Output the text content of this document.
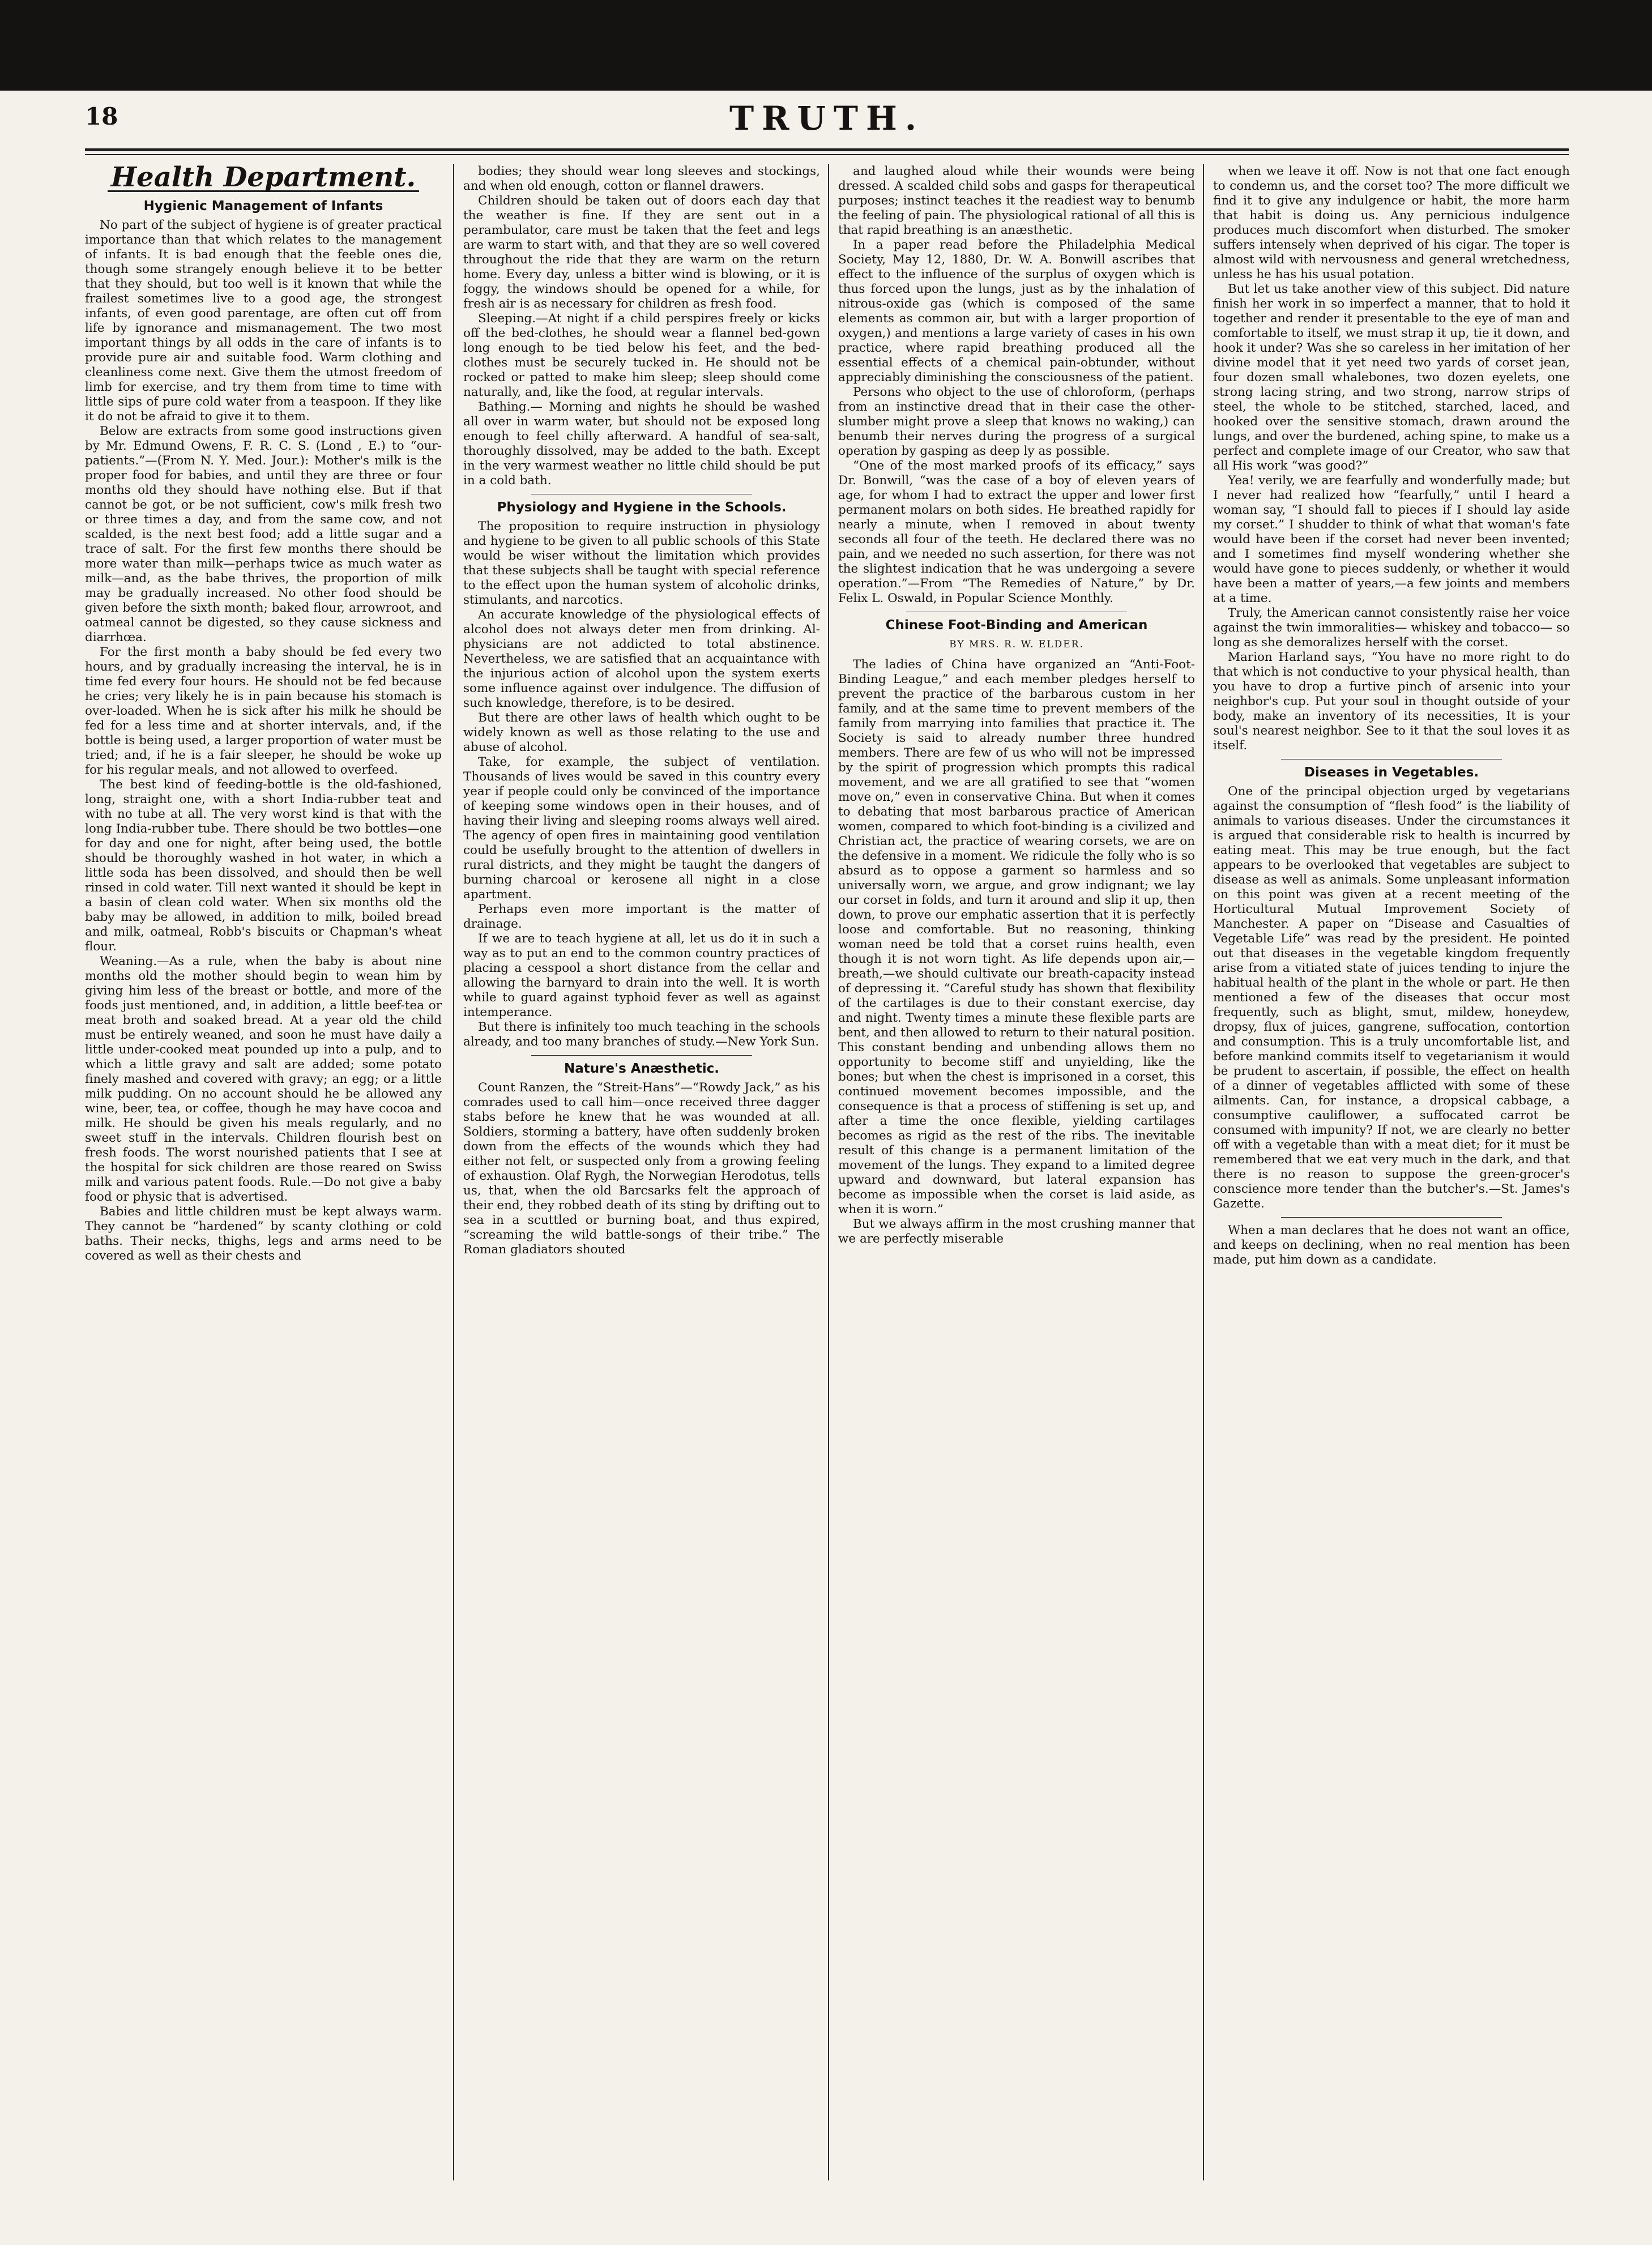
18	TRUTH.
Health Department.
Hygienic Management of Infants

No part of the subject of hygiene is of greater practical importance than that which relates to the management of infants. It is bad enough that the feeble ones die, though some strangely enough believe it to be better that they should, but too well is it known that while the frailest sometimes live to a good age, the strongest infants, of even good parentage, are often cut off from life by ignorance and mismanagement. The two most important things by all odds in the care of infants is to provide pure air and suitable food. Warm clothing and cleanliness come next. Give them the utmost freedom of limb for exercise, and try them from time to time with little sips of pure cold water from a teaspoon. If they like it do not be afraid to give it to them.

Below are extracts from some good instructions given by Mr. Edmund Owens, F. R. C. S. (Lond , E.) to “our-patients.”—(From N. Y. Med. Jour.): Mother's milk is the proper food for babies, and until they are three or four months old they should have nothing else. But if that cannot be got, or be not sufficient, cow's milk fresh two or three times a day, and from the same cow, and not scalded, is the next best food; add a little sugar and a trace of salt. For the first few months there should be more water than milk—perhaps twice as much water as milk—and, as the babe thrives, the proportion of milk may be gradually increased. No other food should be given before the sixth month; baked flour, arrowroot, and oatmeal cannot be digested, so they cause sickness and diarrhœa.

For the first month a baby should be fed every two hours, and by gradually increasing the interval, he is in time fed every four hours. He should not be fed because he cries; very likely he is in pain because his stomach is over-loaded. When he is sick after his milk he should be fed for a less time and at shorter intervals, and, if the bottle is being used, a larger proportion of water must be tried; and, if he is a fair sleeper, he should be woke up for his regular meals, and not allowed to overfeed.

The best kind of feeding-bottle is the old-fashioned, long, straight one, with a short India-rubber teat and with no tube at all. The very worst kind is that with the long India-rubber tube. There should be two bottles—one for day and one for night, after being used, the bottle should be thoroughly washed in hot water, in which a little soda has been dissolved, and should then be well rinsed in cold water. Till next wanted it should be kept in a basin of clean cold water. When six months old the baby may be allowed, in addition to milk, boiled bread and milk, oatmeal, Robb's biscuits or Chapman's wheat flour.

Weaning.—As a rule, when the baby is about nine months old the mother should begin to wean him by giving him less of the breast or bottle, and more of the foods just mentioned, and, in addition, a little beef-tea or meat broth and soaked bread. At a year old the child must be entirely weaned, and soon he must have daily a little under-cooked meat pounded up into a pulp, and to which a little gravy and salt are added; some potato finely mashed and covered with gravy; an egg; or a little milk pudding. On no account should he be allowed any wine, beer, tea, or coffee, though he may have cocoa and milk. He should be given his meals regularly, and no sweet stuff in the intervals. Children flourish best on fresh foods. The worst nourished patients that I see at the hospital for sick children are those reared on Swiss milk and various patent foods. Rule.—Do not give a baby food or physic that is advertised.

Babies and little children must be kept always warm. They cannot be “hardened” by scanty clothing or cold baths. Their necks, thighs, legs and arms need to be covered as well as their chests and

bodies; they should wear long sleeves and stockings, and when old enough, cotton or flannel drawers.

Children should be taken out of doors each day that the weather is fine. If they are sent out in a perambulator, care must be taken that the feet and legs are warm to start with, and that they are so well covered throughout the ride that they are warm on the return home. Every day, unless a bitter wind is blowing, or it is foggy, the windows should be opened for a while, for fresh air is as necessary for children as fresh food.

Sleeping.—At night if a child perspires freely or kicks off the bed-clothes, he should wear a flannel bed-gown long enough to be tied below his feet, and the bed-clothes must be securely tucked in. He should not be rocked or patted to make him sleep; sleep should come naturally, and, like the food, at regular intervals.

Bathing.— Morning and nights he should be washed all over in warm water, but should not be exposed long enough to feel chilly afterward. A handful of sea-salt, thoroughly dissolved, may be added to the bath. Except in the very warmest weather no little child should be put in a cold bath.

Physiology and Hygiene in the Schools.

The proposition to require instruction in physiology and hygiene to be given to all public schools of this State would be wiser without the limitation which provides that these subjects shall be taught with special reference to the effect upon the human system of alcoholic drinks, stimulants, and narcotics.

An accurate knowledge of the physiological effects of alcohol does not always deter men from drinking. Al-physicians are not addicted to total abstinence. Nevertheless, we are satisfied that an acquaintance with the injurious action of alcohol upon the system exerts some influence against over indulgence. The diffusion of such knowledge, therefore, is to be desired.

But there are other laws of health which ought to be widely known as well as those relating to the use and abuse of alcohol.

Take, for example, the subject of ventilation. Thousands of lives would be saved in this country every year if people could only be convinced of the importance of keeping some windows open in their houses, and of having their living and sleeping rooms always well aired. The agency of open fires in maintaining good ventilation could be usefully brought to the attention of dwellers in rural districts, and they might be taught the dangers of burning charcoal or kerosene all night in a close apartment.

Perhaps even more important is the matter of drainage.

If we are to teach hygiene at all, let us do it in such a way as to put an end to the common country practices of placing a cesspool a short distance from the cellar and allowing the barnyard to drain into the well. It is worth while to guard against typhoid fever as well as against intemperance.

But there is infinitely too much teaching in the schools already, and too many branches of study.—New York Sun.

Nature's Anæsthetic.

Count Ranzen, the “Streit-Hans”—“Rowdy Jack,” as his comrades used to call him—once received three dagger stabs before he knew that he was wounded at all. Soldiers, storming a battery, have often suddenly broken down from the effects of the wounds which they had either not felt, or suspected only from a growing feeling of exhaustion. Olaf Rygh, the Norwegian Herodotus, tells us, that, when the old Barcsarks felt the approach of their end, they robbed death of its sting by drifting out to sea in a scuttled or burning boat, and thus expired, “screaming the wild battle-songs of their tribe.” The Roman gladiators shouted

and laughed aloud while their wounds were being dressed. A scalded child sobs and gasps for therapeutical purposes; instinct teaches it the readiest way to benumb the feeling of pain. The physiological rational of all this is that rapid breathing is an anæsthetic.

In a paper read before the Philadelphia Medical Society, May 12, 1880, Dr. W. A. Bonwill ascribes that effect to the influence of the surplus of oxygen which is thus forced upon the lungs, just as by the inhalation of nitrous-oxide gas (which is composed of the same elements as common air, but with a larger proportion of oxygen,) and mentions a large variety of cases in his own practice, where rapid breathing produced all the essential effects of a chemical pain-obtunder, without appreciably diminishing the consciousness of the patient.

Persons who object to the use of chloroform, (perhaps from an instinctive dread that in their case the other-slumber might prove a sleep that knows no waking,) can benumb their nerves during the progress of a surgical operation by gasping as deep ly as possible.

“One of the most marked proofs of its efficacy,” says Dr. Bonwill, “was the case of a boy of eleven years of age, for whom I had to extract the upper and lower first permanent molars on both sides. He breathed rapidly for nearly a minute, when I removed in about twenty seconds all four of the teeth. He declared there was no pain, and we needed no such assertion, for there was not the slightest indication that he was undergoing a severe operation.”—From “The Remedies of Nature,” by Dr. Felix L. Oswald, in Popular Science Monthly.

Chinese Foot-Binding and American
BY MRS. R. W. ELDER.

The ladies of China have organized an “Anti-Foot-Binding League,” and each member pledges herself to prevent the practice of the barbarous custom in her family, and at the same time to prevent members of the family from marrying into families that practice it. The Society is said to already number three hundred members. There are few of us who will not be impressed by the spirit of progression which prompts this radical movement, and we are all gratified to see that “women move on,” even in conservative China. But when it comes to debating that most barbarous practice of American women, compared to which foot-binding is a civilized and Christian act, the practice of wearing corsets, we are on the defensive in a moment. We ridicule the folly who is so absurd as to oppose a garment so harmless and so universally worn, we argue, and grow indignant; we lay our corset in folds, and turn it around and slip it up, then down, to prove our emphatic assertion that it is perfectly loose and comfortable. But no reasoning, thinking woman need be told that a corset ruins health, even though it is not worn tight. As life depends upon air,—breath,—we should cultivate our breath-capacity instead of depressing it. “Careful study has shown that flexibility of the cartilages is due to their constant exercise, day and night. Twenty times a minute these flexible parts are bent, and then allowed to return to their natural position. This constant bending and unbending allows them no opportunity to become stiff and unyielding, like the bones; but when the chest is imprisoned in a corset, this continued movement becomes impossible, and the consequence is that a process of stiffening is set up, and after a time the once flexible, yielding cartilages becomes as rigid as the rest of the ribs. The inevitable result of this change is a permanent limitation of the movement of the lungs. They expand to a limited degree upward and downward, but lateral expansion has become as impossible when the corset is laid aside, as when it is worn.”

But we always affirm in the most crushing manner that we are perfectly miserable

when we leave it off. Now is not that one fact enough to condemn us, and the corset too? The more difficult we find it to give any indulgence or habit, the more harm that habit is doing us. Any pernicious indulgence produces much discomfort when disturbed. The smoker suffers intensely when deprived of his cigar. The toper is almost wild with nervousness and general wretchedness, unless he has his usual potation.

But let us take another view of this subject. Did nature finish her work in so imperfect a manner, that to hold it together and render it presentable to the eye of man and comfortable to itself, we must strap it up, tie it down, and hook it under? Was she so careless in her imitation of her divine model that it yet need two yards of corset jean, four dozen small whalebones, two dozen eyelets, one strong lacing string, and two strong, narrow strips of steel, the whole to be stitched, starched, laced, and hooked over the sensitive stomach, drawn around the lungs, and over the burdened, aching spine, to make us a perfect and complete image of our Creator, who saw that all His work “was good?”

Yea! verily, we are fearfully and wonderfully made; but I never had realized how “fearfully,” until I heard a woman say, “I should fall to pieces if I should lay aside my corset.” I shudder to think of what that woman's fate would have been if the corset had never been invented; and I sometimes find myself wondering whether she would have gone to pieces suddenly, or whether it would have been a matter of years,—a few joints and members at a time.

Truly, the American cannot consistently raise her voice against the twin immoralities— whiskey and tobacco— so long as she demoralizes herself with the corset.

Marion Harland says, “You have no more right to do that which is not conductive to your physical health, than you have to drop a furtive pinch of arsenic into your neighbor's cup. Put your soul in thought outside of your body, make an inventory of its necessities, It is your soul's nearest neighbor. See to it that the soul loves it as itself.

Diseases in Vegetables.

One of the principal objection urged by vegetarians against the consumption of “flesh food” is the liability of animals to various diseases. Under the circumstances it is argued that considerable risk to health is incurred by eating meat. This may be true enough, but the fact appears to be overlooked that vegetables are subject to disease as well as animals. Some unpleasant information on this point was given at a recent meeting of the Horticultural Mutual Improvement Society of Manchester. A paper on “Disease and Casualties of Vegetable Life” was read by the president. He pointed out that diseases in the vegetable kingdom frequently arise from a vitiated state of juices tending to injure the habitual health of the plant in the whole or part. He then mentioned a few of the diseases that occur most frequently, such as blight, smut, mildew, honeydew, dropsy, flux of juices, gangrene, suffocation, contortion and consumption. This is a truly uncomfortable list, and before mankind commits itself to vegetarianism it would be prudent to ascertain, if possible, the effect on health of a dinner of vegetables afflicted with some of these ailments. Can, for instance, a dropsical cabbage, a consumptive cauliflower, a suffocated carrot be consumed with impunity? If not, we are clearly no better off with a vegetable than with a meat diet; for it must be remembered that we eat very much in the dark, and that there is no reason to suppose the green-grocer's conscience more tender than the butcher's.—St. James's Gazette.

When a man declares that he does not want an office, and keeps on declining, when no real mention has been made, put him down as a candidate.
